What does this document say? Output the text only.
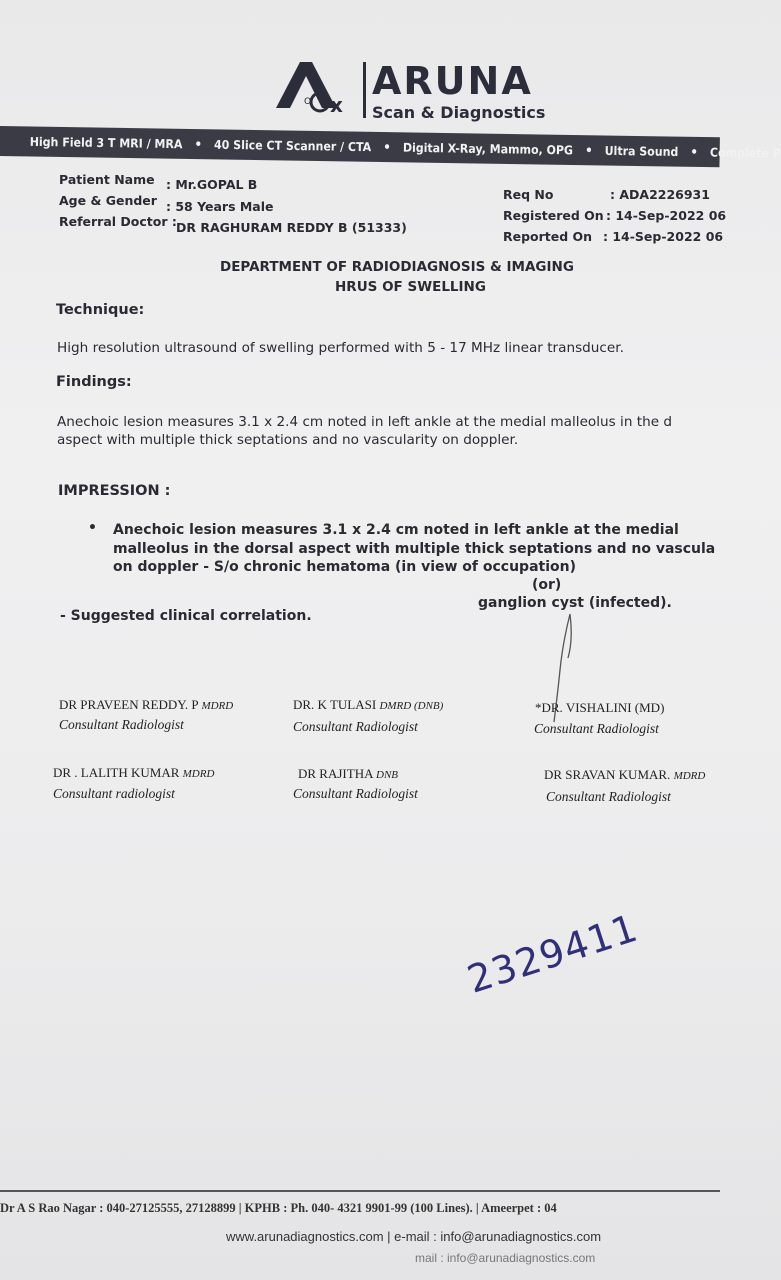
x
O ARUNA
Scan & Diagnostics
High Field 3 T MRI / MRA • 40 Slice CT Scanner / CTA • Digital X-Ray, Mammo, OPG • Ultra Sound • Complete P
Patient Name : Mr.GOPAL B
Age & Gender : 58 Years Male
Referral Doctor : DR RAGHURAM REDDY B (51333)
Req No	: ADA2226931
Registered On : 14-Sep-2022 06
Reported On : 14-Sep-2022 06
DEPARTMENT OF RADIODIAGNOSIS & IMAGING
HRUS OF SWELLING
Technique:
High resolution ultrasound of swelling performed with 5 - 17 MHz linear transducer.
Findings:
Anechoic lesion measures 3.1 x 2.4 cm noted in left ankle at the medial malleolus in the d
aspect with multiple thick septations and no vascularity on doppler.
IMPRESSION :
• Anechoic lesion measures 3.1 x 2.4 cm noted in left ankle at the medial
malleolus in the dorsal aspect with multiple thick septations and no vascula
on doppler - S/o chronic hematoma (in view of occupation)
(or)
ganglion cyst (infected).
- Suggested clinical correlation.
DR PRAVEEN REDDY. P MDRD
Consultant Radiologist
DR. K TULASI DMRD (DNB)
Consultant Radiologist
*DR. VISHALINI (MD)
Consultant Radiologist
DR . LALITH KUMAR MDRD
Consultant radiologist
DR RAJITHA DNB
Consultant Radiologist
DR SRAVAN KUMAR. MDRD
Consultant Radiologist
2329411
Dr A S Rao Nagar : 040-27125555, 27128899 | KPHB : Ph. 040- 4321 9901-99 (100 Lines). | Ameerpet : 04
www.arunadiagnostics.com | e-mail : info@arunadiagnostics.com
mail : info@arunadiagnostics.com
